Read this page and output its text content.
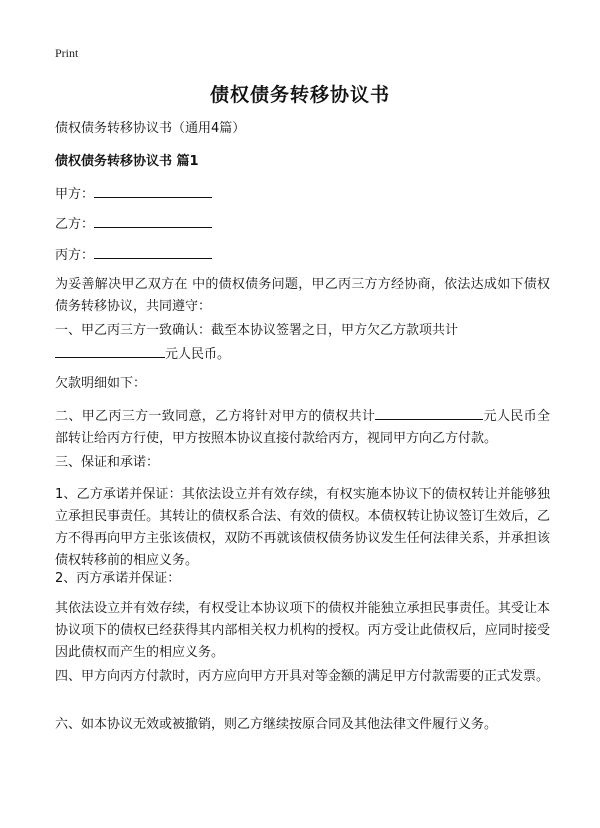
Print
债权债务转移协议书
债权债务转移协议书（通用4篇）
债权债务转移协议书 篇1
甲方：
乙方：
丙方：
为妥善解决甲乙双方在 中的债权债务问题，甲乙丙三方方经协商，依法达成如下债权债务转移协议，共同遵守：
一、甲乙丙三方一致确认：截至本协议签署之日，甲方欠乙方款项共计
元人民币。
欠款明细如下：
二、甲乙丙三方一致同意，乙方将针对甲方的债权共计	元人民币全部转让给丙方行使，甲方按照本协议直接付款给丙方，视同甲方向乙方付款。
三、保证和承诺：
1、乙方承诺并保证：其依法设立并有效存续，有权实施本协议下的债权转让并能够独立承担民事责任。其转让的债权系合法、有效的债权。本债权转让协议签订生效后，乙方不得再向甲方主张该债权，双防不再就该债权债务协议发生任何法律关系，并承担该债权转移前的相应义务。
2、丙方承诺并保证：
其依法设立并有效存续，有权受让本协议项下的债权并能独立承担民事责任。其受让本协议项下的债权已经获得其内部相关权力机构的授权。丙方受让此债权后，应同时接受因此债权而产生的相应义务。
四、甲方向丙方付款时，丙方应向甲方开具对等金额的满足甲方付款需要的正式发票。
六、如本协议无效或被撤销，则乙方继续按原合同及其他法律文件履行义务。
